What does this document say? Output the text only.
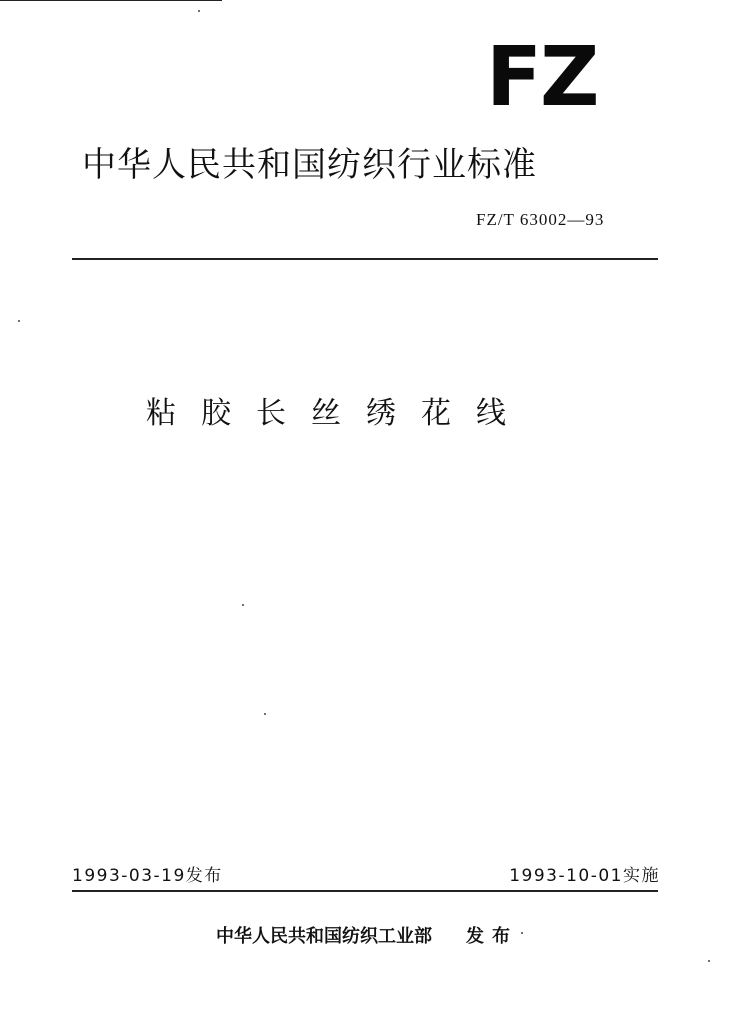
FZ
中华人民共和国纺织行业标准
FZ/T 63002—93
粘胶长丝绣花线
1993-03-19发布	1993-10-01实施
中华人民共和国纺织工业部 发布
